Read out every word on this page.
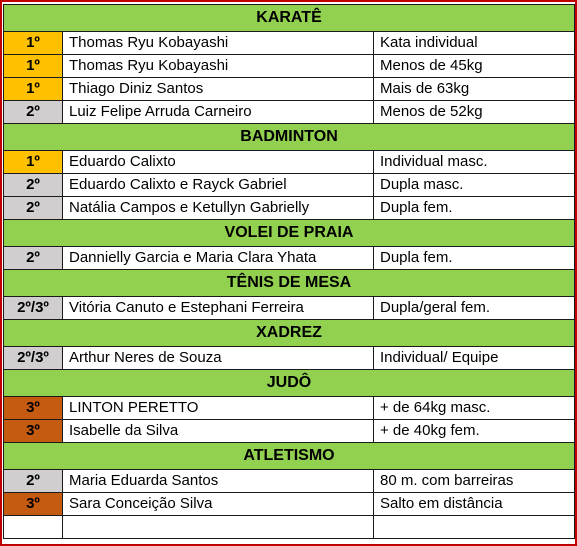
KARATÊ		
1º	Thomas Ryu Kobayashi	Kata individual
1º	Thomas Ryu Kobayashi	Menos de 45kg
1º	Thiago Diniz Santos	Mais de 63kg
2º	Luiz Felipe Arruda Carneiro	Menos de 52kg
BADMINTON		
1º	Eduardo Calixto	Individual masc.
2º	Eduardo Calixto e Rayck Gabriel	Dupla masc.
2º	Natália Campos e Ketullyn Gabrielly	Dupla fem.
VOLEI DE PRAIA		
2º	Dannielly Garcia e Maria Clara Yhata	Dupla fem.
TÊNIS DE MESA		
2º/3º	Vitória Canuto e Estephani Ferreira	Dupla/geral fem.
XADREZ		
2º/3º	Arthur Neres de Souza	Individual/ Equipe
JUDÔ		
3º	LINTON PERETTO	+ de 64kg masc.
3º	Isabelle da Silva	+ de 40kg fem.
ATLETISMO		
2º	Maria Eduarda Santos	80 m. com barreiras
3º	Sara Conceição Silva	Salto em distância
